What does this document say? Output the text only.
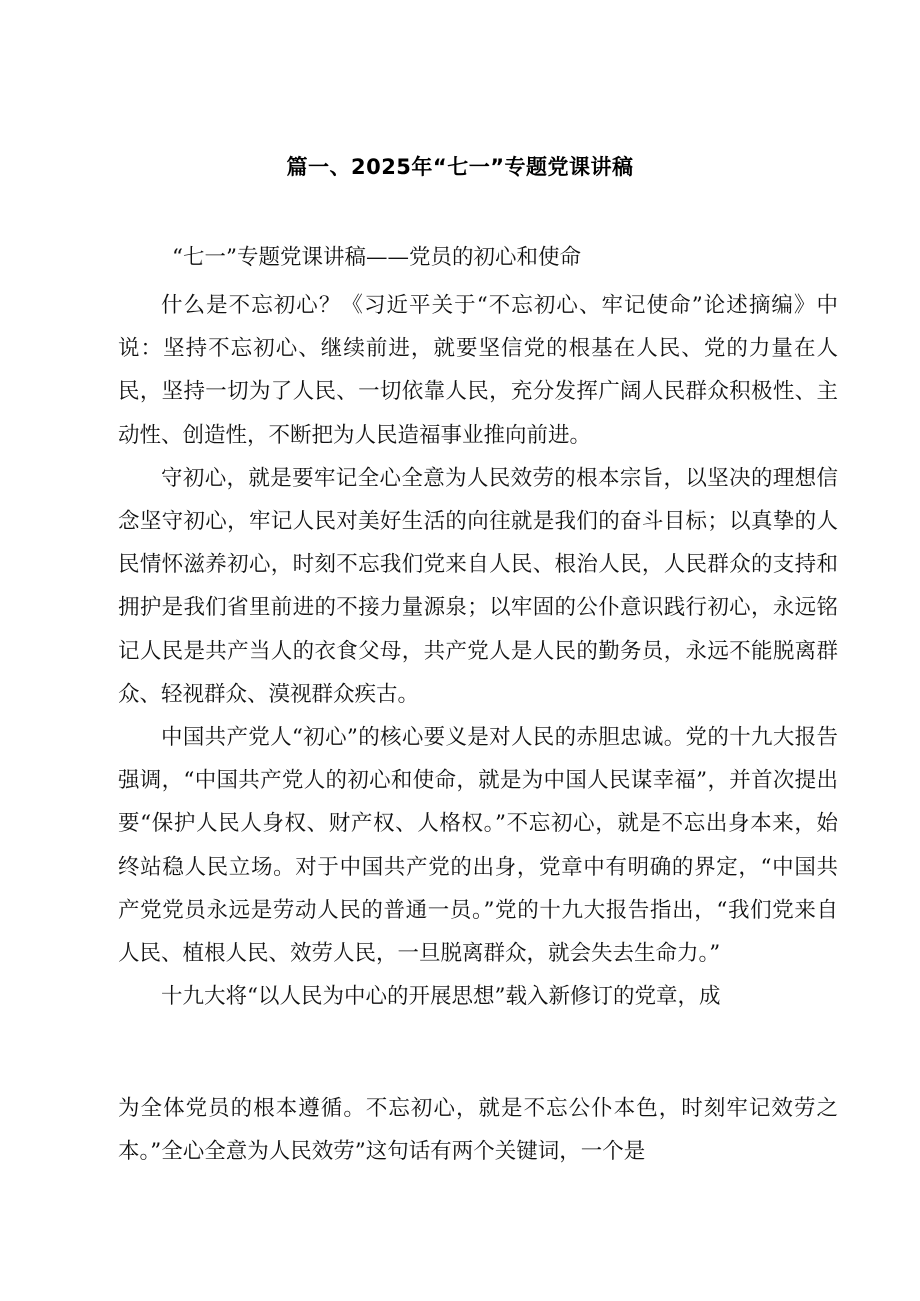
篇一、2025年“七一”专题党课讲稿
“七一”专题党课讲稿——党员的初心和使命

什么是不忘初心？《习近平关于“不忘初心、牢记使命”论述摘编》中说：坚持不忘初心、继续前进，就要坚信党的根基在人民、党的力量在人民，坚持一切为了人民、一切依靠人民，充分发挥广阔人民群众积极性、主动性、创造性，不断把为人民造福事业推向前进。

守初心，就是要牢记全心全意为人民效劳的根本宗旨，以坚决的理想信念坚守初心，牢记人民对美好生活的向往就是我们的奋斗目标；以真挚的人民情怀滋养初心，时刻不忘我们党来自人民、根治人民，人民群众的支持和拥护是我们省里前进的不接力量源泉；以牢固的公仆意识践行初心，永远铭记人民是共产当人的衣食父母，共产党人是人民的勤务员，永远不能脱离群众、轻视群众、漠视群众疾古。

中国共产党人“初心”的核心要义是对人民的赤胆忠诚。党的十九大报告强调，“中国共产党人的初心和使命，就是为中国人民谋幸福”，并首次提出要“保护人民人身权、财产权、人格权。”不忘初心，就是不忘出身本来，始终站稳人民立场。对于中国共产党的出身，党章中有明确的界定，“中国共产党党员永远是劳动人民的普通一员。”党的十九大报告指出，“我们党来自人民、植根人民、效劳人民，一旦脱离群众，就会失去生命力。”

十九大将“以人民为中心的开展思想”载入新修订的党章，成

为全体党员的根本遵循。不忘初心，就是不忘公仆本色，时刻牢记效劳之本。”全心全意为人民效劳”这句话有两个关键词，一个是
